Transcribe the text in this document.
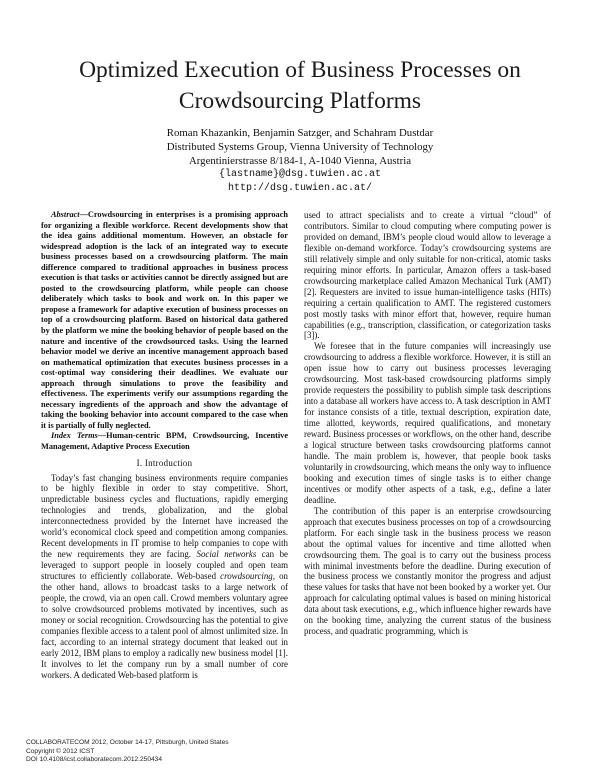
Optimized Execution of Business Processes on
Crowdsourcing Platforms
Roman Khazankin, Benjamin Satzger, and Schahram Dustdar
Distributed Systems Group, Vienna University of Technology
Argentinierstrasse 8/184-1, A-1040 Vienna, Austria
{lastname}@dsg.tuwien.ac.at
http://dsg.tuwien.ac.at/

Abstract—Crowdsourcing in enterprises is a promising approach for organizing a flexible workforce. Recent developments show that the idea gains additional momentum. However, an obstacle for widespread adoption is the lack of an integrated way to execute business processes based on a crowdsourcing platform. The main difference compared to traditional approaches in business process execution is that tasks or activities cannot be directly assigned but are posted to the crowdsourcing platform, while people can choose deliberately which tasks to book and work on. In this paper we propose a framework for adaptive execution of business processes on top of a crowdsourcing platform. Based on historical data gathered by the platform we mine the booking behavior of people based on the nature and incentive of the crowdsourced tasks. Using the learned behavior model we derive an incentive management approach based on mathematical optimization that executes business processes in a cost-optimal way considering their deadlines. We evaluate our approach through simulations to prove the feasibility and effectiveness. The experiments verify our assumptions regarding the necessary ingredients of the approach and show the advantage of taking the booking behavior into account compared to the case when it is partially of fully neglected.

Index Terms—Human-centric BPM, Crowdsourcing, Incentive Management, Adaptive Process Execution

I. Introduction

Today’s fast changing business environments require companies to be highly flexible in order to stay competitive. Short, unpredictable business cycles and fluctuations, rapidly emerging technologies and trends, globalization, and the global interconnectedness provided by the Internet have increased the world’s economical clock speed and competition among companies. Recent developments in IT promise to help companies to cope with the new requirements they are facing. Social networks can be leveraged to support people in loosely coupled and open team structures to efficiently collaborate. Web-based crowdsourcing, on the other hand, allows to broadcast tasks to a large network of people, the crowd, via an open call. Crowd members voluntary agree to solve crowdsourced problems motivated by incentives, such as money or social recognition. Crowdsourcing has the potential to give companies flexible access to a talent pool of almost unlimited size. In fact, according to an internal strategy document that leaked out in early 2012, IBM plans to employ a radically new business model [1]. It involves to let the company run by a small number of core workers. A dedicated Web-based platform is

used to attract specialists and to create a virtual “cloud” of contributors. Similar to cloud computing where computing power is provided on demand, IBM’s people cloud would allow to leverage a flexible on-demand workforce. Today’s crowdsourcing systems are still relatively simple and only suitable for non-critical, atomic tasks requiring minor efforts. In particular, Amazon offers a task-based crowdsourcing marketplace called Amazon Mechanical Turk (AMT) [2]. Requesters are invited to issue human-intelligence tasks (HITs) requiring a certain qualification to AMT. The registered customers post mostly tasks with minor effort that, however, require human capabilities (e.g., transcription, classification, or categorization tasks [3]).

We foresee that in the future companies will increasingly use crowdsourcing to address a flexible workforce. However, it is still an open issue how to carry out business processes leveraging crowdsourcing. Most task-based crowdsourcing platforms simply provide requesters the possibility to publish simple task descriptions into a database all workers have access to. A task description in AMT for instance consists of a title, textual description, expiration date, time allotted, keywords, required qualifications, and monetary reward. Business processes or workflows, on the other hand, describe a logical structure between tasks crowdsourcing platforms cannot handle. The main problem is, however, that people book tasks voluntarily in crowdsourcing, which means the only way to influence booking and execution times of single tasks is to either change incentives or modify other aspects of a task, e.g., define a later deadline.

The contribution of this paper is an enterprise crowdsourcing approach that executes business processes on top of a crowdsourcing platform. For each single task in the business process we reason about the optimal values for incentive and time allotted when crowdsourcing them. The goal is to carry out the business process with minimal investments before the deadline. During execution of the business process we constantly monitor the progress and adjust these values for tasks that have not been booked by a worker yet. Our approach for calculating optimal values is based on mining historical data about task executions, e.g., which influence higher rewards have on the booking time, analyzing the current status of the business process, and quadratic programming, which is

COLLABORATECOM 2012, October 14-17, Pittsburgh, United States
Copyright © 2012 ICST
DOI 10.4108/icst.collaboratecom.2012.250434
